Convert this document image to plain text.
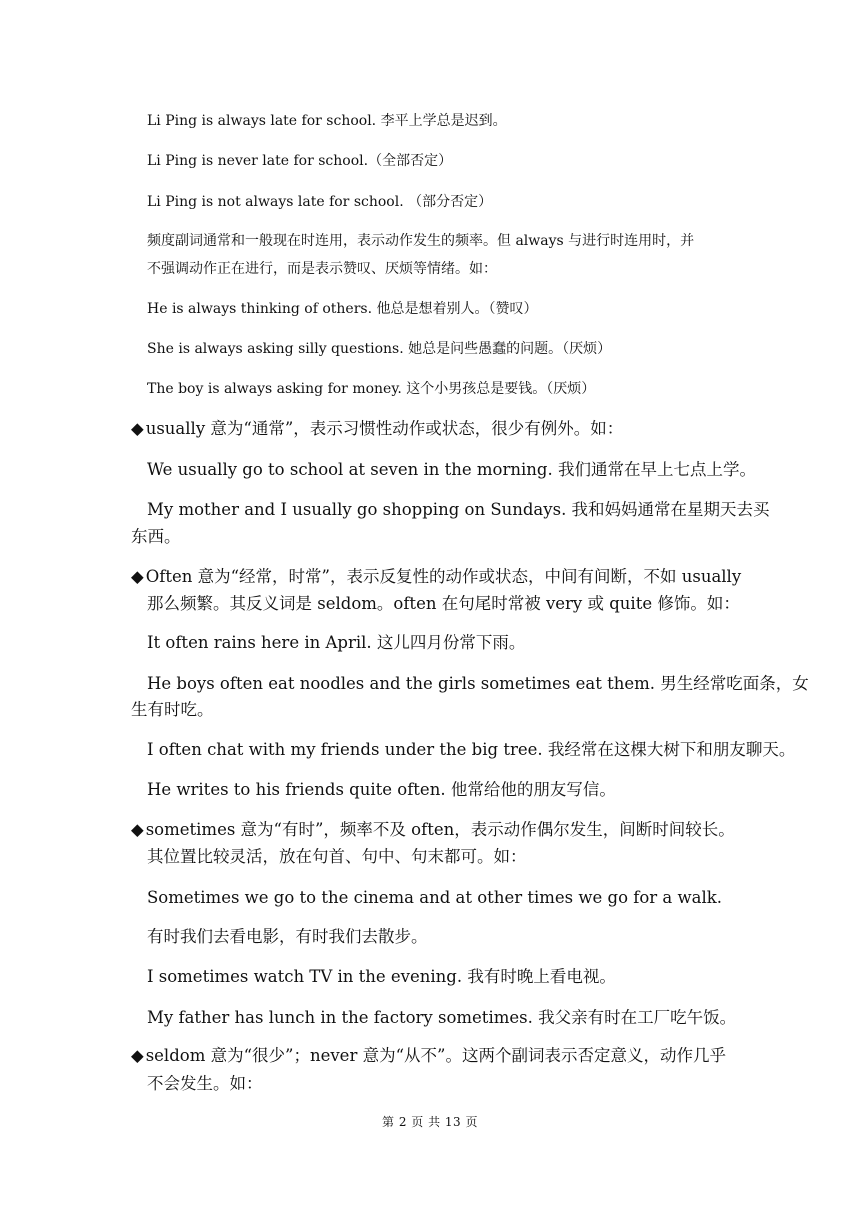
Li Ping is always late for school. 李平上学总是迟到。
Li Ping is never late for school.（全部否定）
Li Ping is not always late for school. （部分否定）
频度副词通常和一般现在时连用，表示动作发生的频率。但 always 与进行时连用时，并
不强调动作正在进行，而是表示赞叹、厌烦等情绪。如：
He is always thinking of others. 他总是想着别人。（赞叹）
She is always asking silly questions. 她总是问些愚蠢的问题。（厌烦）
The boy is always asking for money. 这个小男孩总是要钱。（厌烦）
◆ usually 意为“通常”，表示习惯性动作或状态，很少有例外。如：
We usually go to school at seven in the morning. 我们通常在早上七点上学。
My mother and I usually go shopping on Sundays. 我和妈妈通常在星期天去买
东西。
◆ Often 意为“经常，时常”，表示反复性的动作或状态，中间有间断，不如 usually
那么频繁。其反义词是 seldom。often 在句尾时常被 very 或 quite 修饰。如：
It often rains here in April. 这儿四月份常下雨。
He boys often eat noodles and the girls sometimes eat them. 男生经常吃面条，女
生有时吃。
I often chat with my friends under the big tree. 我经常在这棵大树下和朋友聊天。
He writes to his friends quite often. 他常给他的朋友写信。
◆ sometimes 意为“有时”，频率不及 often，表示动作偶尔发生，间断时间较长。
其位置比较灵活，放在句首、句中、句末都可。如：
Sometimes we go to the cinema and at other times we go for a walk.
有时我们去看电影，有时我们去散步。
I sometimes watch TV in the evening. 我有时晚上看电视。
My father has lunch in the factory sometimes. 我父亲有时在工厂吃午饭。
◆ seldom 意为“很少”；never 意为“从不”。这两个副词表示否定意义，动作几乎
不会发生。如：
第 2 页 共 13 页
